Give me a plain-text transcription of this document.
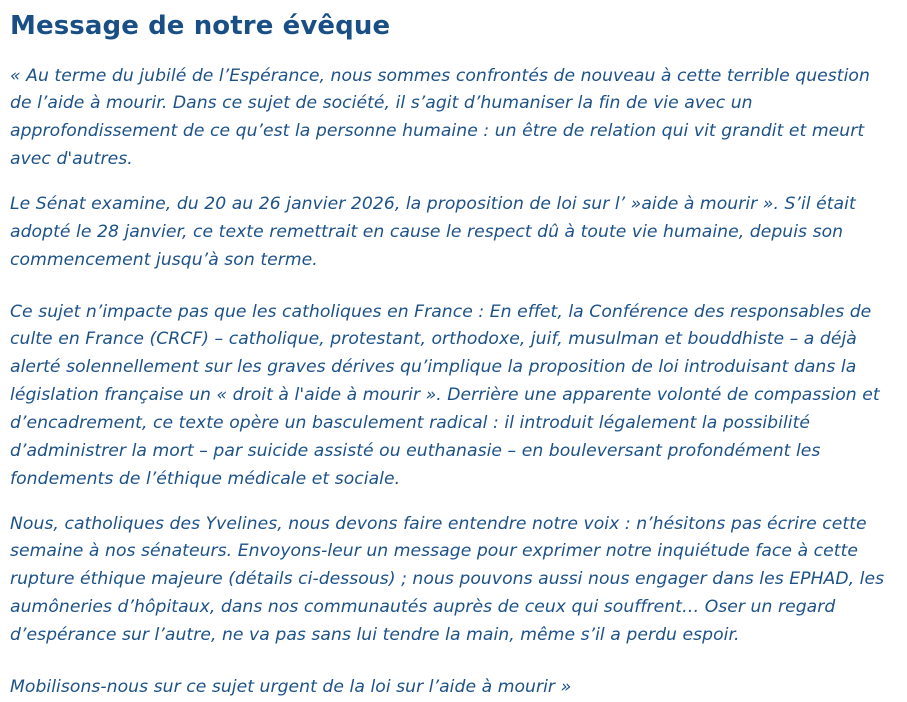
Message de notre évêque

« Au terme du jubilé de l’Espérance, nous sommes confrontés de nouveau à cette terrible question de l’aide à mourir. Dans ce sujet de société, il s’agit d’humaniser la fin de vie avec un approfondissement de ce qu’est la personne humaine : un être de relation qui vit grandit et meurt avec d'autres.

Le Sénat examine, du 20 au 26 janvier 2026, la proposition de loi sur l’ »aide à mourir ». S’il était adopté le 28 janvier, ce texte remettrait en cause le respect dû à toute vie humaine, depuis son commencement jusqu’à son terme.

Ce sujet n’impacte pas que les catholiques en France : En effet, la Conférence des responsables de culte en France (CRCF) – catholique, protestant, orthodoxe, juif, musulman et bouddhiste – a déjà alerté solennellement sur les graves dérives qu’implique la proposition de loi introduisant dans la législation française un « droit à l'aide à mourir ». Derrière une apparente volonté de compassion et d’encadrement, ce texte opère un basculement radical : il introduit légalement la possibilité d’administrer la mort – par suicide assisté ou euthanasie – en bouleversant profondément les fondements de l’éthique médicale et sociale.

Nous, catholiques des Yvelines, nous devons faire entendre notre voix : n’hésitons pas écrire cette semaine à nos sénateurs. Envoyons-leur un message pour exprimer notre inquiétude face à cette rupture éthique majeure (détails ci-dessous) ; nous pouvons aussi nous engager dans les EPHAD, les aumôneries d’hôpitaux, dans nos communautés auprès de ceux qui souffrent… Oser un regard d’espérance sur l’autre, ne va pas sans lui tendre la main, même s’il a perdu espoir.

Mobilisons-nous sur ce sujet urgent de la loi sur l’aide à mourir »
